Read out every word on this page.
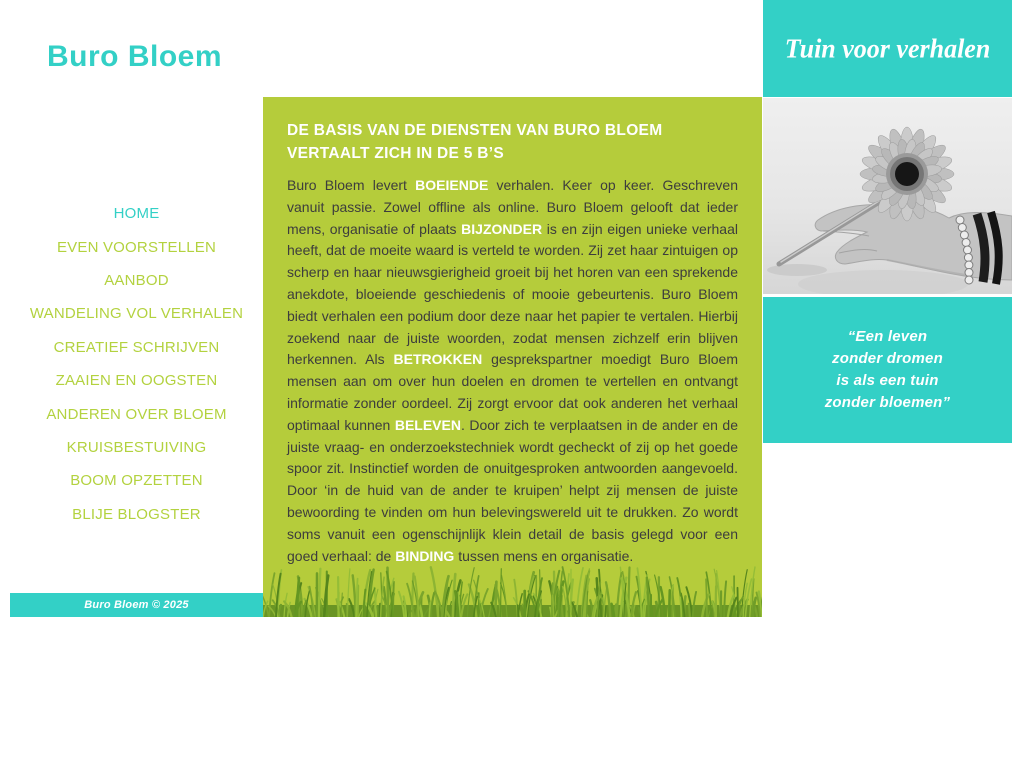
Buro Bloem	Tuin voor verhalen
HOME
EVEN VOORSTELLEN
AANBOD
WANDELING VOL VERHALEN
CREATIEF SCHRIJVEN
ZAAIEN EN OOGSTEN
ANDEREN OVER BLOEM
KRUISBESTUIVING
BOOM OPZETTEN
BLIJE BLOGSTER
DE BASIS VAN DE DIENSTEN VAN BURO BLOEM VERTAALT ZICH IN DE 5 B’S

Buro Bloem levert BOEIENDE verhalen. Keer op keer. Geschreven vanuit passie. Zowel offline als online. Buro Bloem gelooft dat ieder mens, organisatie of plaats BIJZONDER is en zijn eigen unieke verhaal heeft, dat de moeite waard is verteld te worden. Zij zet haar zintuigen op scherp en haar nieuwsgierigheid groeit bij het horen van een sprekende anekdote, bloeiende geschiedenis of mooie gebeurtenis. Buro Bloem biedt verhalen een podium door deze naar het papier te vertalen. Hierbij zoekend naar de juiste woorden, zodat mensen zichzelf erin blijven herkennen. Als BETROKKEN gesprekspartner moedigt Buro Bloem mensen aan om over hun doelen en dromen te vertellen en ontvangt informatie zonder oordeel. Zij zorgt ervoor dat ook anderen het verhaal optimaal kunnen BELEVEN. Door zich te verplaatsen in de ander en de juiste vraag- en onderzoekstechniek wordt gecheckt of zij op het goede spoor zit. Instinctief worden de onuitgesproken antwoorden aangevoeld. Door ‘in de huid van de ander te kruipen’ helpt zij mensen de juiste bewoording te vinden om hun belevingswereld uit te drukken. Zo wordt soms vanuit een ogenschijnlijk klein detail de basis gelegd voor een goed verhaal: de BINDING tussen mens en organisatie.

“Een leven
zonder dromen
is als een tuin
zonder bloemen”
Buro Bloem © 2025
